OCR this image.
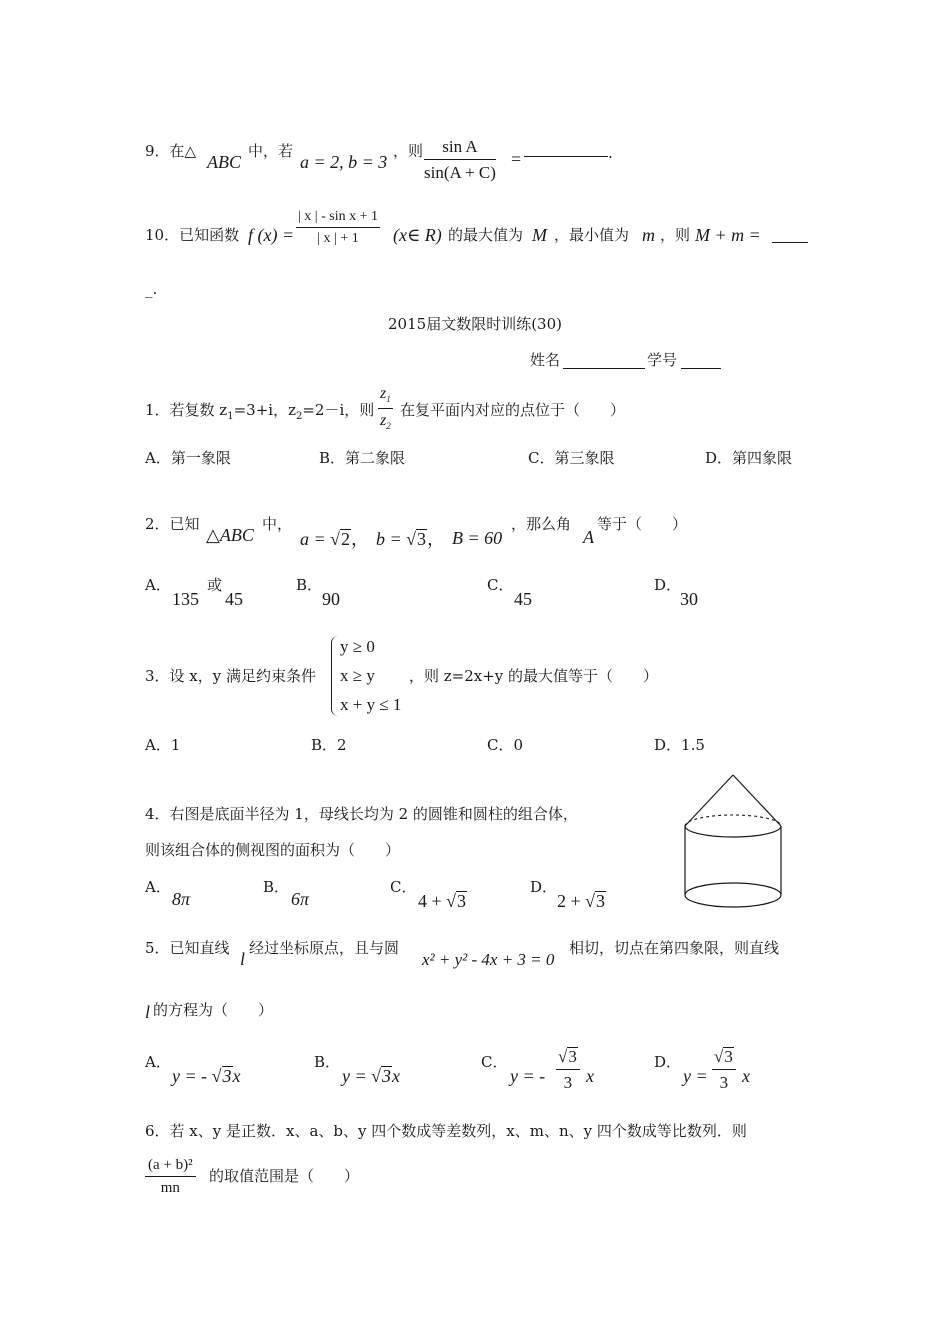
9．在△
ABC
中，若
a = 2, b = 3
，则 $\frac{\text{sin A}}{\sin(A + C)}$ =	.
10．已知函数 f $(x) = \frac{\text{| x | - sin x + 1}}{| x | + 1}$ (x∈ R) 的最大值为 M ，最小值为 m ，则 M + m =
_.
2015届文数限时训练(30)
姓名	学号
1．若复数 $z_1=3+i$，$z_2=2-i$，则 $\frac{z_1}{z_2}$ 在复平面内对应的点位于（　　）
A．第一象限	B．第二象限	C．第三象限	D．第四象限
2．已知
△ABC
中，
a = √2， b = √3， B = 60
，那么角
A
等于（　　）
A．
135
或
45
B．
90
C．
45
D．
30
3．设 x，y 满足约束条件
y ≥ 0
x ≥ y
x + y ≤ 1
，则 z=2x+y 的最大值等于（　　）
A．1	B．2	C．0	D．1.5
4．右图是底面半径为 1，母线长均为 2 的圆锥和圆柱的组合体，
则该组合体的侧视图的面积为（　　）
A．
8π
B．
6π
C．
4 + √3
D．
2 + √3
5．已知直线
l
经过坐标原点，且与圆
x² + y² - 4x + 3 = 0
相切，切点在第四象限，则直线
l 的方程为（　　）
A．
y = - √3x
B．
y = √3x
C．
y = - $\frac{√3}{3}$ x
D．
$y = \frac{√3}{3}$ x
6．若 x、y 是正数．x、a、b、y 四个数成等差数列，x、m、n、y 四个数成等比数列．则
$\frac{\text{(a + b)²}}{mn}$ 的取值范围是（　　）
